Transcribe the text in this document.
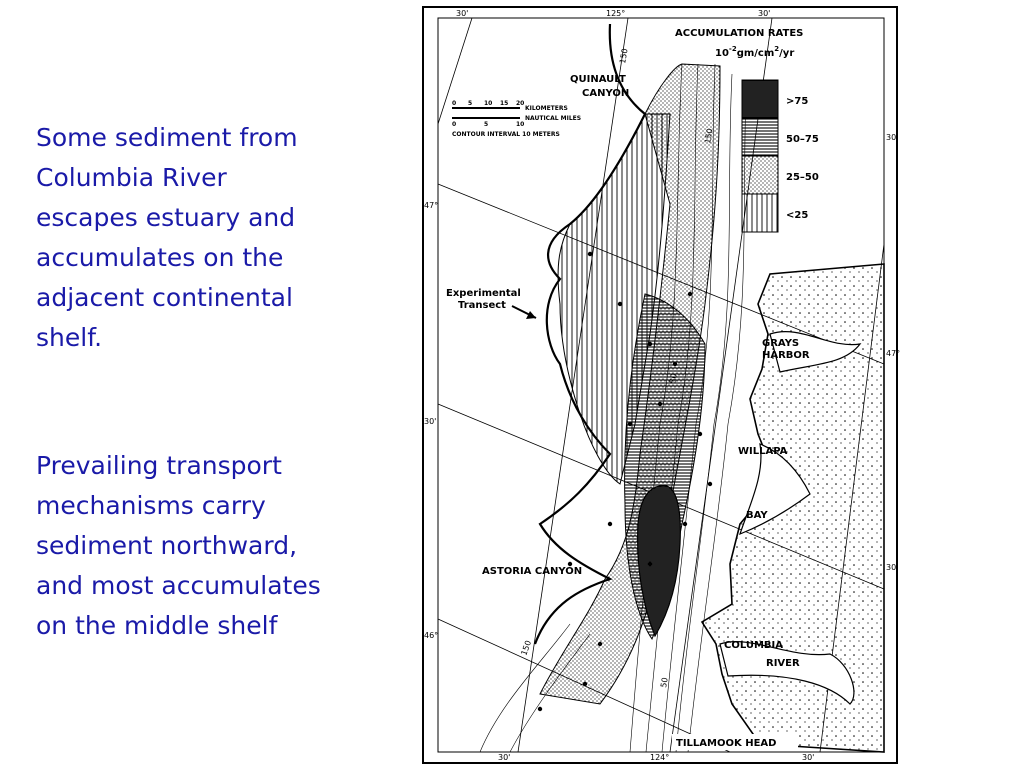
Some sediment from

Columbia River

escapes estuary and

accumulates on the

adjacent continental

shelf.

Prevailing transport

mechanisms carry

sediment northward,

and most accumulates

on the middle shelf

ACCUMULATION RATES
$10^{-2}gm/cm^2/yr$
>75
50–75
25–50
<25
0 5 10 15 20
KILOMETERS
0	5	10
NAUTICAL MILES
CONTOUR INTERVAL 10 METERS
QUINAULT
CANYON
Experimental
Transect
GRAYS
HARBOR
WILLAPA
BAY
ASTORIA CANYON
COLUMBIA
RIVER
TILLAMOOK HEAD
150
150
50
150
50
30'	125°	30'
30'	124°	30'
47°
30'
46°
30'
47°
30'
